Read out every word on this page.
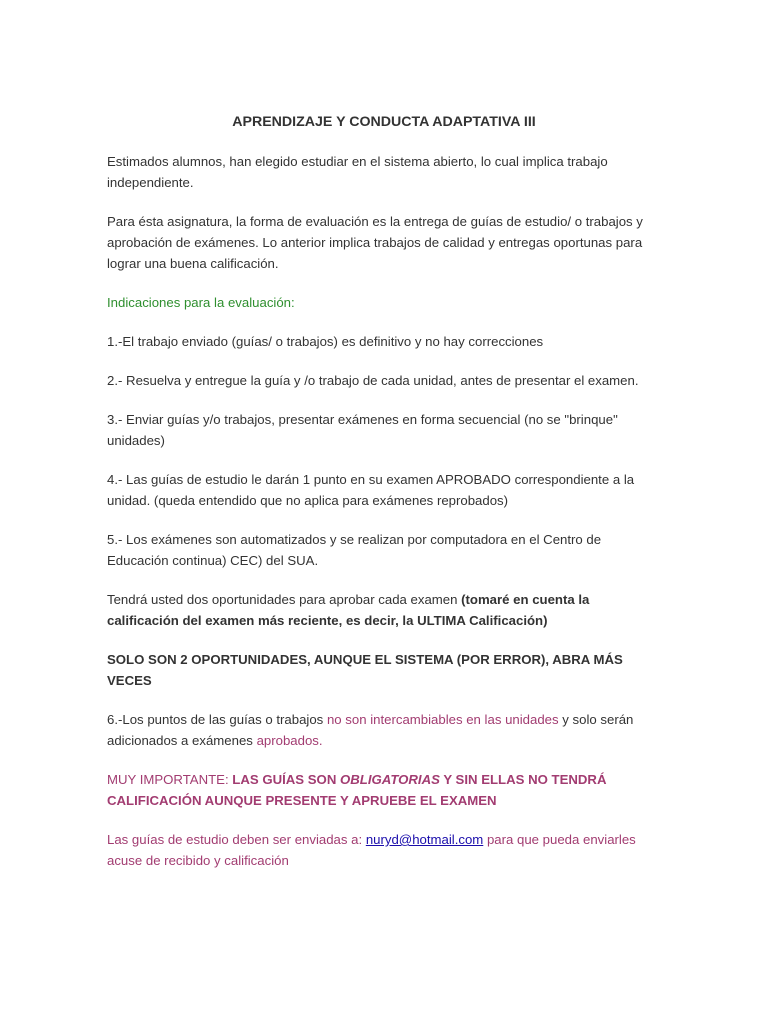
APRENDIZAJE Y CONDUCTA ADAPTATIVA III

Estimados alumnos, han elegido estudiar en el sistema abierto, lo cual implica trabajo independiente.

Para ésta asignatura, la forma de evaluación es la entrega de guías de estudio/ o trabajos y aprobación de exámenes. Lo anterior implica trabajos de calidad y entregas oportunas para lograr una buena calificación.

Indicaciones para la evaluación:

1.-El trabajo enviado (guías/ o trabajos) es definitivo y no hay correcciones

2.- Resuelva y entregue la guía y /o trabajo de cada unidad, antes de presentar el examen.

3.- Enviar guías y/o trabajos, presentar exámenes en forma secuencial (no se "brinque" unidades)

4.- Las guías de estudio le darán 1 punto en su examen APROBADO correspondiente a la unidad. (queda entendido que no aplica para exámenes reprobados)

5.- Los exámenes son automatizados y se realizan por computadora en el Centro de Educación continua) CEC) del SUA.

Tendrá usted dos oportunidades para aprobar cada examen (tomaré en cuenta la calificación del examen más reciente, es decir, la ULTIMA Calificación)

SOLO SON 2 OPORTUNIDADES, AUNQUE EL SISTEMA (POR ERROR), ABRA MÁS VECES

6.-Los puntos de las guías o trabajos no son intercambiables en las unidades y solo serán adicionados a exámenes aprobados.

MUY IMPORTANTE: LAS GUÍAS SON OBLIGATORIAS Y SIN ELLAS NO TENDRÁ CALIFICACIÓN AUNQUE PRESENTE Y APRUEBE EL EXAMEN

Las guías de estudio deben ser enviadas a: nuryd@hotmail.com para que pueda enviarles acuse de recibido y calificación
